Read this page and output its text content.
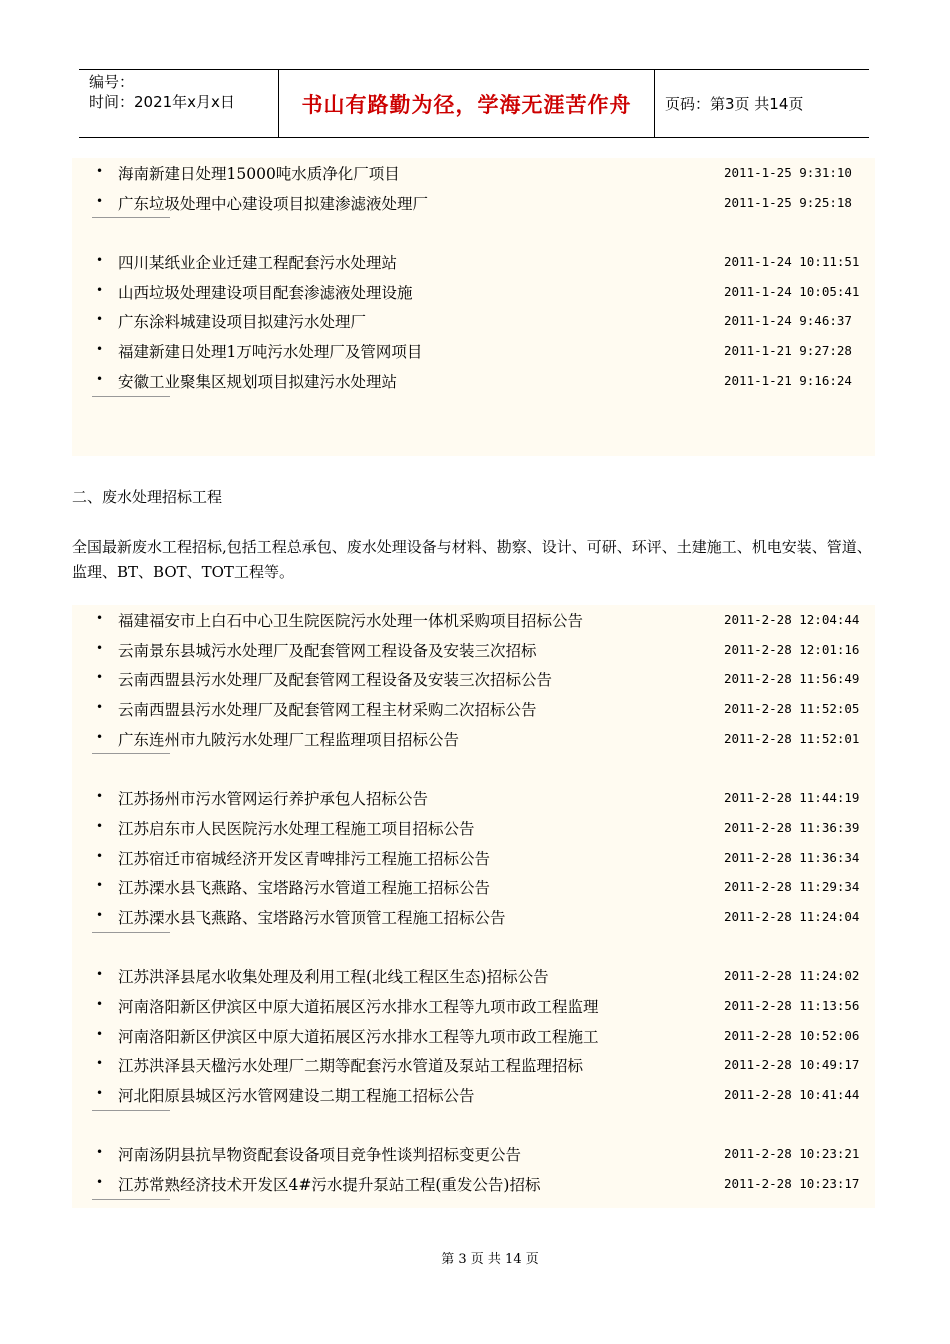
编号：
时间：2021年x月x日	书山有路勤为径，学海无涯苦作舟	页码：第3页 共14页
• 海南新建日处理15000吨水质净化厂项目	2011-1-25 9:31:10
• 广东垃圾处理中心建设项目拟建渗滤液处理厂	2011-1-25 9:25:18
• 四川某纸业企业迁建工程配套污水处理站	2011-1-24 10:11:51
• 山西垃圾处理建设项目配套渗滤液处理设施	2011-1-24 10:05:41
• 广东涂料城建设项目拟建污水处理厂	2011-1-24 9:46:37
• 福建新建日处理1万吨污水处理厂及管网项目	2011-1-21 9:27:28
• 安徽工业聚集区规划项目拟建污水处理站	2011-1-21 9:16:24
二、废水处理招标工程
全国最新废水工程招标,包括工程总承包、废水处理设备与材料、勘察、设计、可研、环评、土建施工、机电安装、管道、监理、BT、BOT、TOT工程等。
• 福建福安市上白石中心卫生院医院污水处理一体机采购项目招标公告	2011-2-28 12:04:44
• 云南景东县城污水处理厂及配套管网工程设备及安装三次招标	2011-2-28 12:01:16
• 云南西盟县污水处理厂及配套管网工程设备及安装三次招标公告	2011-2-28 11:56:49
• 云南西盟县污水处理厂及配套管网工程主材采购二次招标公告	2011-2-28 11:52:05
• 广东连州市九陂污水处理厂工程监理项目招标公告	2011-2-28 11:52:01
• 江苏扬州市污水管网运行养护承包人招标公告	2011-2-28 11:44:19
• 江苏启东市人民医院污水处理工程施工项目招标公告	2011-2-28 11:36:39
• 江苏宿迁市宿城经济开发区青啤排污工程施工招标公告	2011-2-28 11:36:34
• 江苏溧水县飞燕路、宝塔路污水管道工程施工招标公告	2011-2-28 11:29:34
• 江苏溧水县飞燕路、宝塔路污水管顶管工程施工招标公告	2011-2-28 11:24:04
• 江苏洪泽县尾水收集处理及利用工程(北线工程区生态)招标公告	2011-2-28 11:24:02
• 河南洛阳新区伊滨区中原大道拓展区污水排水工程等九项市政工程监理	2011-2-28 11:13:56
• 河南洛阳新区伊滨区中原大道拓展区污水排水工程等九项市政工程施工	2011-2-28 10:52:06
• 江苏洪泽县天楹污水处理厂二期等配套污水管道及泵站工程监理招标	2011-2-28 10:49:17
• 河北阳原县城区污水管网建设二期工程施工招标公告	2011-2-28 10:41:44
• 河南汤阴县抗旱物资配套设备项目竞争性谈判招标变更公告	2011-2-28 10:23:21
• 江苏常熟经济技术开发区4#污水提升泵站工程(重发公告)招标	2011-2-28 10:23:17
第 3 页 共 14 页
